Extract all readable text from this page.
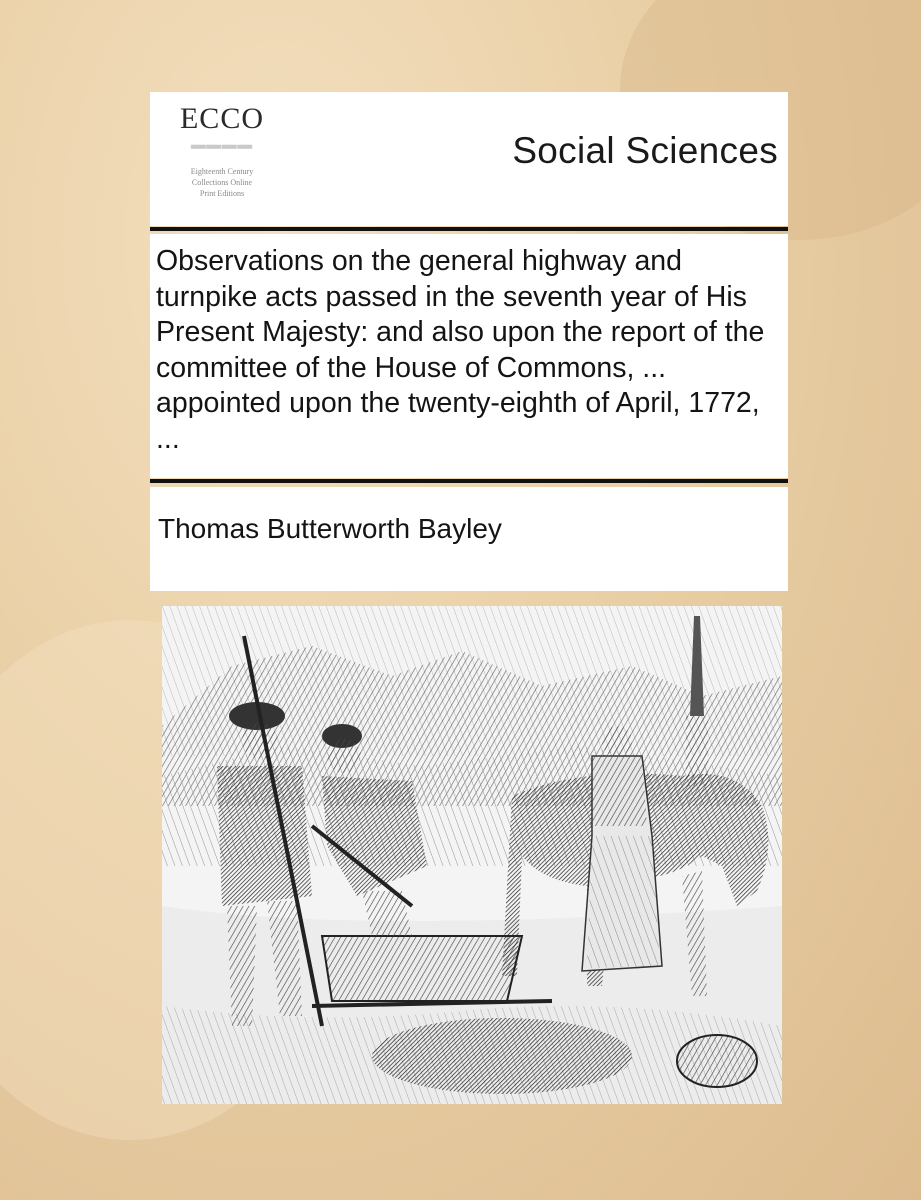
ECCO
━━━━
Eighteenth Century
Collections Online
Print Editions
Social Sciences
Observations on the general highway and turnpike acts passed in the seventh year of His Present Majesty: and also upon the report of the committee of the House of Commons, ... appointed upon the twenty-eighth of April, 1772, ...
Thomas Butterworth Bayley
